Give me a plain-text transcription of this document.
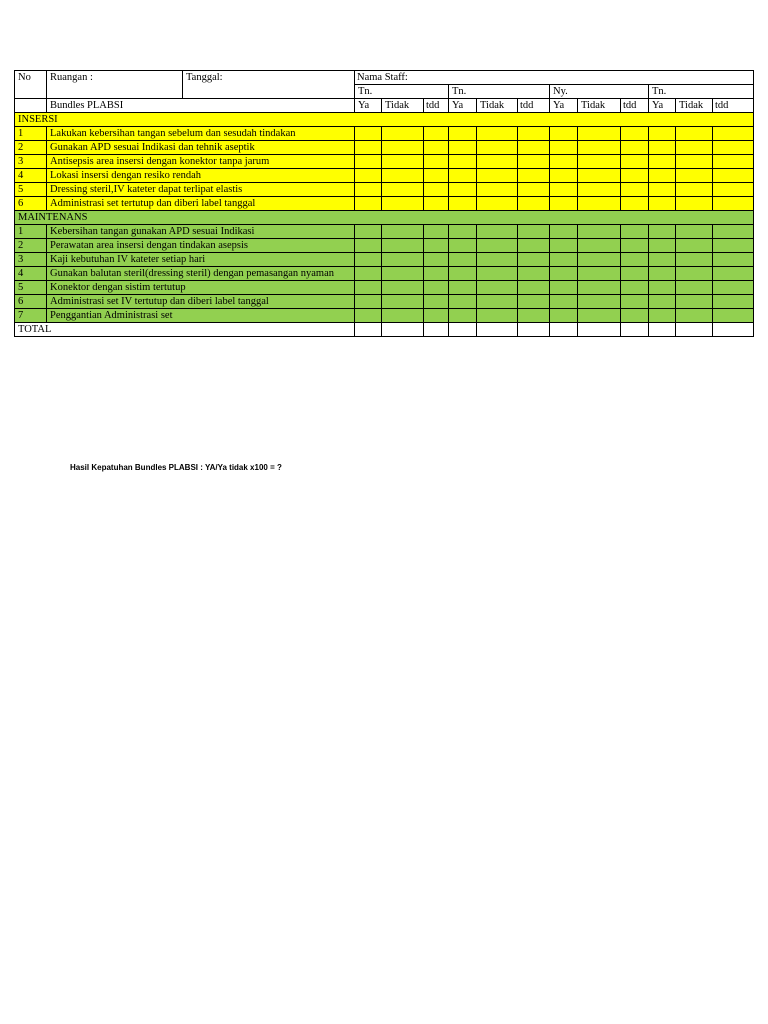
No	Ruangan :	Tanggal:	Nama Staff:											
			Tn.			Tn.			Ny.			Tn.		
	Bundles PLABSI		Ya	Tidak	tdd	Ya	Tidak	tdd	Ya	Tidak	tdd	Ya	Tidak	tdd
INSERSI														
1	Lakukan kebersihan tangan sebelum dan sesudah tindakan													
2	Gunakan APD sesuai Indikasi dan tehnik aseptik													
3	Antisepsis area insersi dengan konektor tanpa jarum													
4	Lokasi insersi dengan resiko rendah													
5	Dressing steril,IV kateter dapat terlipat elastis													
6	Administrasi set tertutup dan diberi label tanggal													
MAINTENANS														
1	Kebersihan tangan gunakan APD sesuai Indikasi													
2	Perawatan area insersi dengan tindakan asepsis													
3	Kaji kebutuhan IV kateter setiap hari													
4	Gunakan balutan steril(dressing steril) dengan pemasangan nyaman													
5	Konektor dengan sistim tertutup													
6	Administrasi set IV tertutup dan diberi label tanggal													
7	Penggantian Administrasi set													
TOTAL														
Hasil Kepatuhan Bundles PLABSI : YA/Ya tidak x100 = ?
